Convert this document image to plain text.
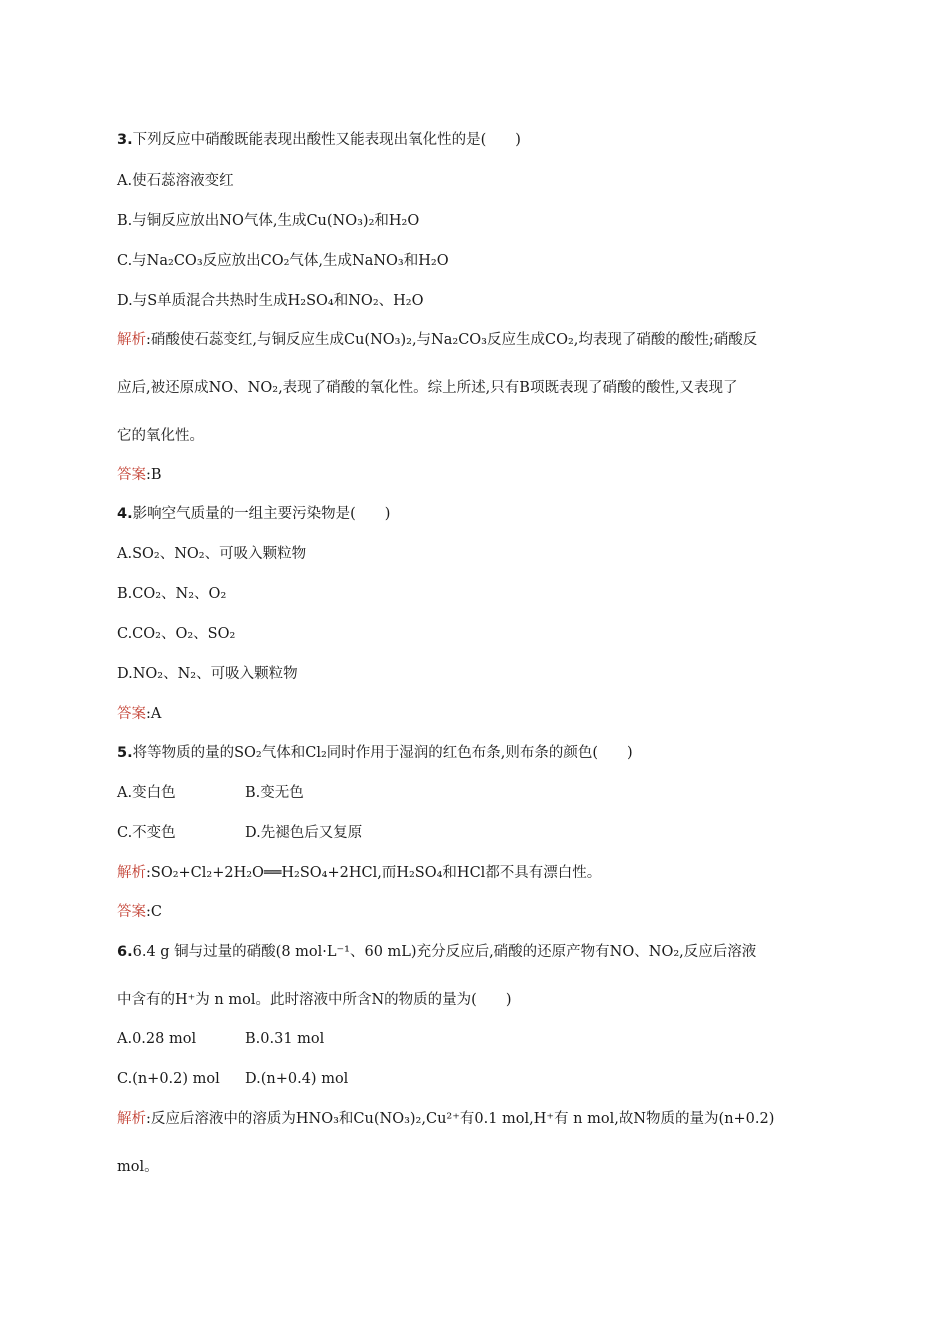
3.下列反应中硝酸既能表现出酸性又能表现出氧化性的是(　　)
A.使石蕊溶液变红
B.与铜反应放出NO气体,生成Cu(NO₃)₂和H₂O
C.与Na₂CO₃反应放出CO₂气体,生成NaNO₃和H₂O
D.与S单质混合共热时生成H₂SO₄和NO₂、H₂O
解析:硝酸使石蕊变红,与铜反应生成Cu(NO₃)₂,与Na₂CO₃反应生成CO₂,均表现了硝酸的酸性;硝酸反
应后,被还原成NO、NO₂,表现了硝酸的氧化性。综上所述,只有B项既表现了硝酸的酸性,又表现了
它的氧化性。
答案:B
4.影响空气质量的一组主要污染物是(　　)
A.SO₂、NO₂、可吸入颗粒物
B.CO₂、N₂、O₂
C.CO₂、O₂、SO₂
D.NO₂、N₂、可吸入颗粒物
答案:A
5.将等物质的量的SO₂气体和Cl₂同时作用于湿润的红色布条,则布条的颜色(　　)
A.变白色	B.变无色
C.不变色	D.先褪色后又复原
解析:SO₂+Cl₂+2H₂O══H₂SO₄+2HCl,而H₂SO₄和HCl都不具有漂白性。
答案:C
6.6.4 g 铜与过量的硝酸(8 mol·L⁻¹、60 mL)充分反应后,硝酸的还原产物有NO、NO₂,反应后溶液
中含有的H⁺为 n mol。此时溶液中所含N的物质的量为(　　)
A.0.28 mol	B.0.31 mol
C.(n+0.2) mol D.(n+0.4) mol
解析:反应后溶液中的溶质为HNO₃和Cu(NO₃)₂,Cu²⁺有0.1 mol,H⁺有 n mol,故N物质的量为(n+0.2)
mol。
